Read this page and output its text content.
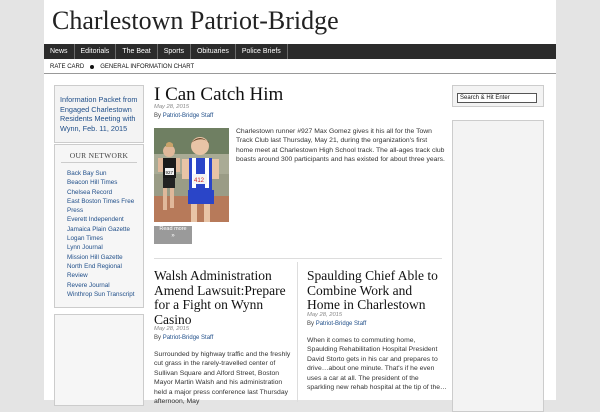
Charlestown Patriot-Bridge
News	Editorials	The Beat	Sports	Obituaries	Police Briefs
RATE CARD	GENERAL INFORMATION CHART
Information Packet from Engaged Charlestown Residents Meeting with Wynn, Feb. 11, 2015
OUR NETWORK
Back Bay Sun
Beacon Hill Times
Chelsea Record
East Boston Times Free Press
Everett Independent
Jamaica Plain Gazette
Logan Times
Lynn Journal
Mission Hill Gazette
North End Regional Review
Revere Journal
Winthrop Sun Transcript
Search & Hit Enter
I Can Catch Him
May 28, 2015
By Patriot-Bridge Staff
927
412

Charlestown runner #927 Max Gomez gives it his all for the Town Track Club last Thursday, May 21, during the organization's first home meet at Charlestown High School track. The all-ages track club boasts around 300 participants and has existed for about three years.

Read more
»
Walsh Administration Amend Lawsuit:Prepare for a Fight on Wynn Casino
May 28, 2015
By Patriot-Bridge Staff

Surrounded by highway traffic and the freshly cut grass in the rarely-travelled center of Sullivan Square and Alford Street, Boston Mayor Martin Walsh and his administration held a major press conference last Thursday afternoon, May

Spaulding Chief Able to Combine Work and Home in Charlestown
May 28, 2015
By Patriot-Bridge Staff

When it comes to commuting home, Spaulding Rehabilitation Hospital President David Storto gets in his car and prepares to drive…about one minute. That's if he even uses a car at all. The president of the sparkling new rehab hospital at the tip of the…
